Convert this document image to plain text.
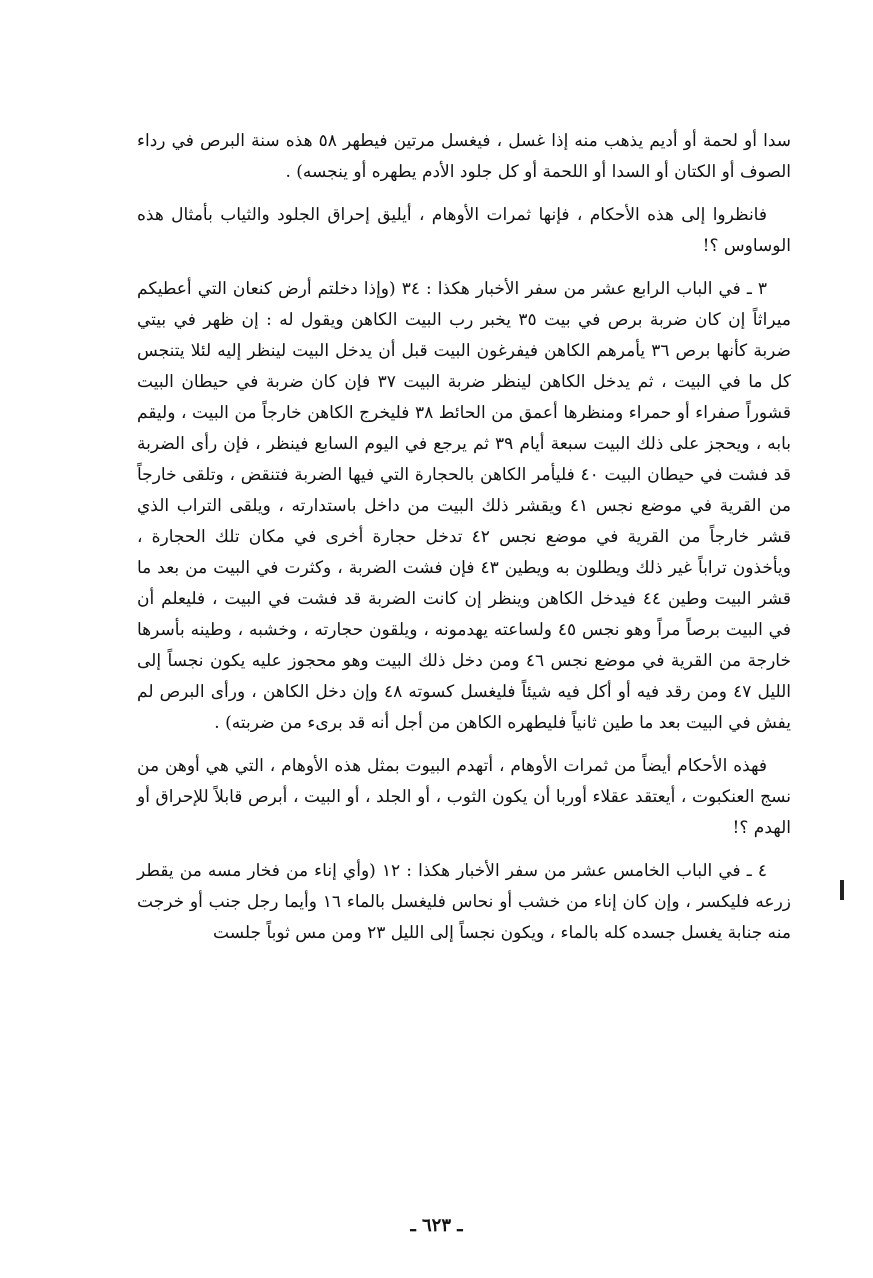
سدا أو لحمة أو أديم يذهب منه إذا غسل ، فيغسل مرتين فيطهر ٥٨ هذه سنة البرص في رداء الصوف أو الكتان أو السدا أو اللحمة أو كل جلود الأدم يطهره أو ينجسه) .

فانظروا إلى هذه الأحكام ، فإنها ثمرات الأوهام ، أيليق إحراق الجلود والثياب بأمثال هذه الوساوس ؟!

٣ ـ في الباب الرابع عشر من سفر الأخبار هكذا : ٣٤ (وإذا دخلتم أرض كنعان التي أعطيكم ميراثاً إن كان ضربة برص في بيت ٣٥ يخبر رب البيت الكاهن ويقول له : إن ظهر في بيتي ضربة كأنها برص ٣٦ يأمرهم الكاهن فيفرغون البيت قبل أن يدخل البيت لينظر إليه لئلا يتنجس كل ما في البيت ، ثم يدخل الكاهن لينظر ضربة البيت ٣٧ فإن كان ضربة في حيطان البيت قشوراً صفراء أو حمراء ومنظرها أعمق من الحائط ٣٨ فليخرج الكاهن خارجاً من البيت ، وليقم بابه ، ويحجز على ذلك البيت سبعة أيام ٣٩ ثم يرجع في اليوم السابع فينظر ، فإن رأى الضربة قد فشت في حيطان البيت ٤٠ فليأمر الكاهن بالحجارة التي فيها الضربة فتنقض ، وتلقى خارجاً من القرية في موضع نجس ٤١ ويقشر ذلك البيت من داخل باستدارته ، ويلقى التراب الذي قشر خارجاً من القرية في موضع نجس ٤٢ تدخل حجارة أخرى في مكان تلك الحجارة ، ويأخذون تراباً غير ذلك ويطلون به ويطين ٤٣ فإن فشت الضربة ، وكثرت في البيت من بعد ما قشر البيت وطين ٤٤ فيدخل الكاهن وينظر إن كانت الضربة قد فشت في البيت ، فليعلم أن في البيت برصاً مراً وهو نجس ٤٥ ولساعته يهدمونه ، ويلقون حجارته ، وخشبه ، وطينه بأسرها خارجة من القرية في موضع نجس ٤٦ ومن دخل ذلك البيت وهو محجوز عليه يكون نجساً إلى الليل ٤٧ ومن رقد فيه أو أكل فيه شيئاً فليغسل كسوته ٤٨ وإن دخل الكاهن ، ورأى البرص لم يفش في البيت بعد ما طين ثانياً فليطهره الكاهن من أجل أنه قد برىء من ضربته) .

فهذه الأحكام أيضاً من ثمرات الأوهام ، أتهدم البيوت بمثل هذه الأوهام ، التي هي أوهن من نسج العنكبوت ، أيعتقد عقلاء أوربا أن يكون الثوب ، أو الجلد ، أو البيت ، أبرص قابلاً للإحراق أو الهدم ؟!

٤ ـ في الباب الخامس عشر من سفر الأخبار هكذا : ١٢ (وأي إناء من فخار مسه من يقطر زرعه فليكسر ، وإن كان إناء من خشب أو نحاس فليغسل بالماء ١٦ وأيما رجل جنب أو خرجت منه جنابة يغسل جسده كله بالماء ، ويكون نجساً إلى الليل ٢٣ ومن مس ثوباً جلست

ـ ٦٢٣ ـ
